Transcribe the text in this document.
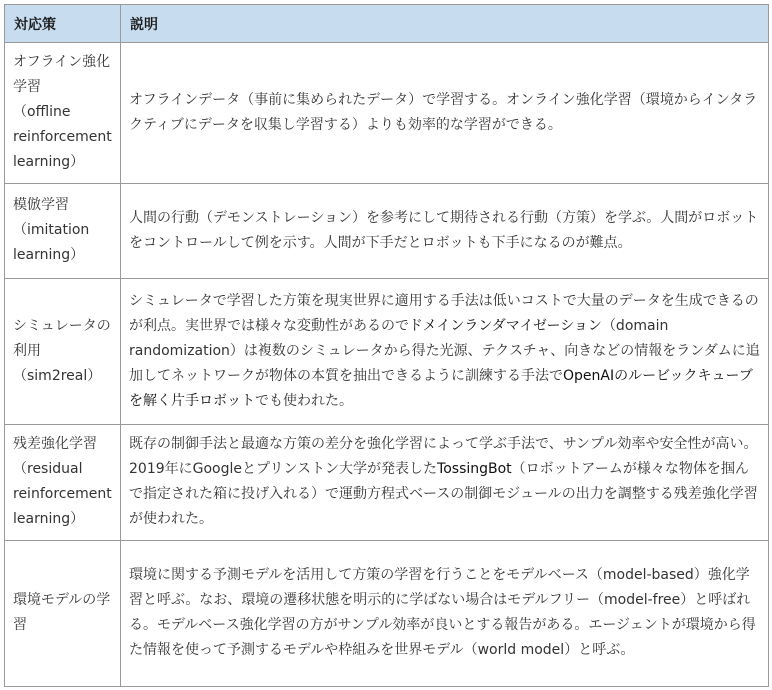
対応策	説明
オフライン強化学習
（offline reinforcement learning）	オフラインデータ（事前に集められたデータ）で学習する。オンライン強化学習（環境からインタラクティブにデータを収集し学習する）よりも効率的な学習ができる。
模倣学習
（imitation learning）	人間の行動（デモンストレーション）を参考にして期待される行動（方策）を学ぶ。人間がロボットをコントロールして例を示す。人間が下手だとロボットも下手になるのが難点。
シミュレータの利用
（sim2real）	シミュレータで学習した方策を現実世界に適用する手法は低いコストで大量のデータを生成できるのが利点。実世界では様々な変動性があるのでドメインランダマイゼーション（domain randomization）は複数のシミュレータから得た光源、テクスチャ、向きなどの情報をランダムに追加してネットワークが物体の本質を抽出できるように訓練する手法でOpenAIのルービックキューブを解く片手ロボットでも使われた。
残差強化学習
（residual reinforcement learning）	既存の制御手法と最適な方策の差分を強化学習によって学ぶ手法で、サンプル効率や安全性が高い。2019年にGoogleとプリンストン大学が発表したTossingBot（ロボットアームが様々な物体を掴んで指定された箱に投げ入れる）で運動方程式ベースの制御モジュールの出力を調整する残差強化学習が使われた。
環境モデルの学習	環境に関する予測モデルを活用して方策の学習を行うことをモデルベース（model-based）強化学習と呼ぶ。なお、環境の遷移状態を明示的に学ばない場合はモデルフリー（model-free）と呼ばれる。モデルベース強化学習の方がサンプル効率が良いとする報告がある。エージェントが環境から得た情報を使って予測するモデルや枠組みを世界モデル（world model）と呼ぶ。
